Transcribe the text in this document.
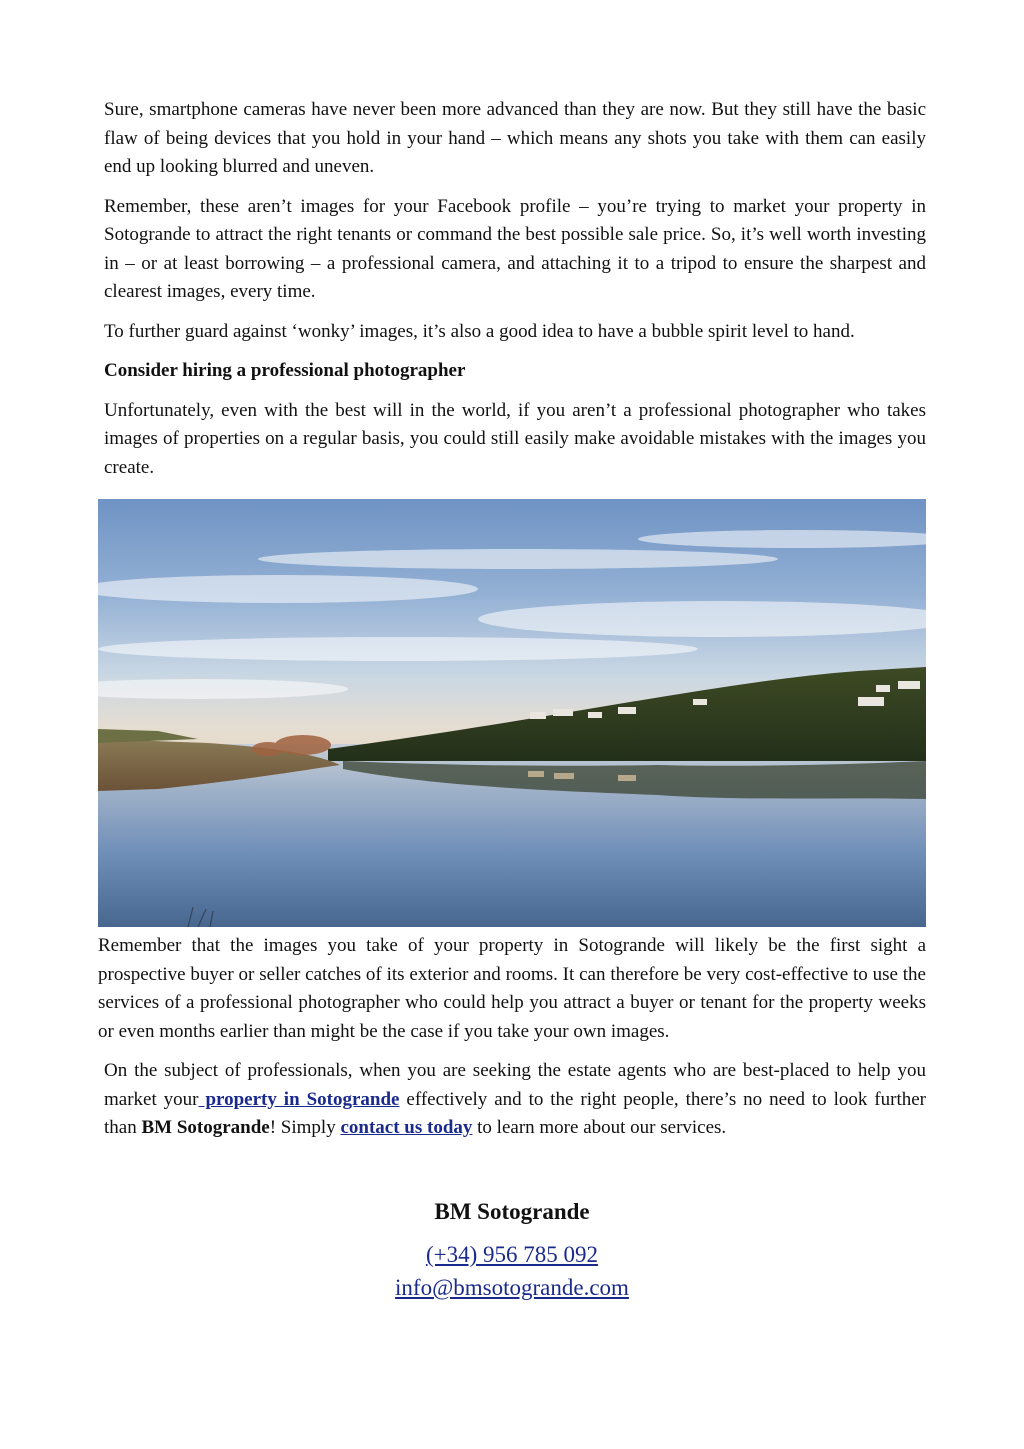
Sure, smartphone cameras have never been more advanced than they are now. But they still have the basic flaw of being devices that you hold in your hand – which means any shots you take with them can easily end up looking blurred and uneven.

Remember, these aren’t images for your Facebook profile – you’re trying to market your property in Sotogrande to attract the right tenants or command the best possible sale price. So, it’s well worth investing in – or at least borrowing – a professional camera, and attaching it to a tripod to ensure the sharpest and clearest images, every time.

To further guard against ‘wonky’ images, it’s also a good idea to have a bubble spirit level to hand.

Consider hiring a professional photographer

Unfortunately, even with the best will in the world, if you aren’t a professional photographer who takes images of properties on a regular basis, you could still easily make avoidable mistakes with the images you create.

Remember that the images you take of your property in Sotogrande will likely be the first sight a prospective buyer or seller catches of its exterior and rooms. It can therefore be very cost-effective to use the services of a professional photographer who could help you attract a buyer or tenant for the property weeks or even months earlier than might be the case if you take your own images.

On the subject of professionals, when you are seeking the estate agents who are best-placed to help you market your property in Sotogrande effectively and to the right people, there’s no need to look further than BM Sotogrande! Simply contact us today to learn more about our services.

BM Sotogrande

(+34) 956 785 092

info@bmsotogrande.com
